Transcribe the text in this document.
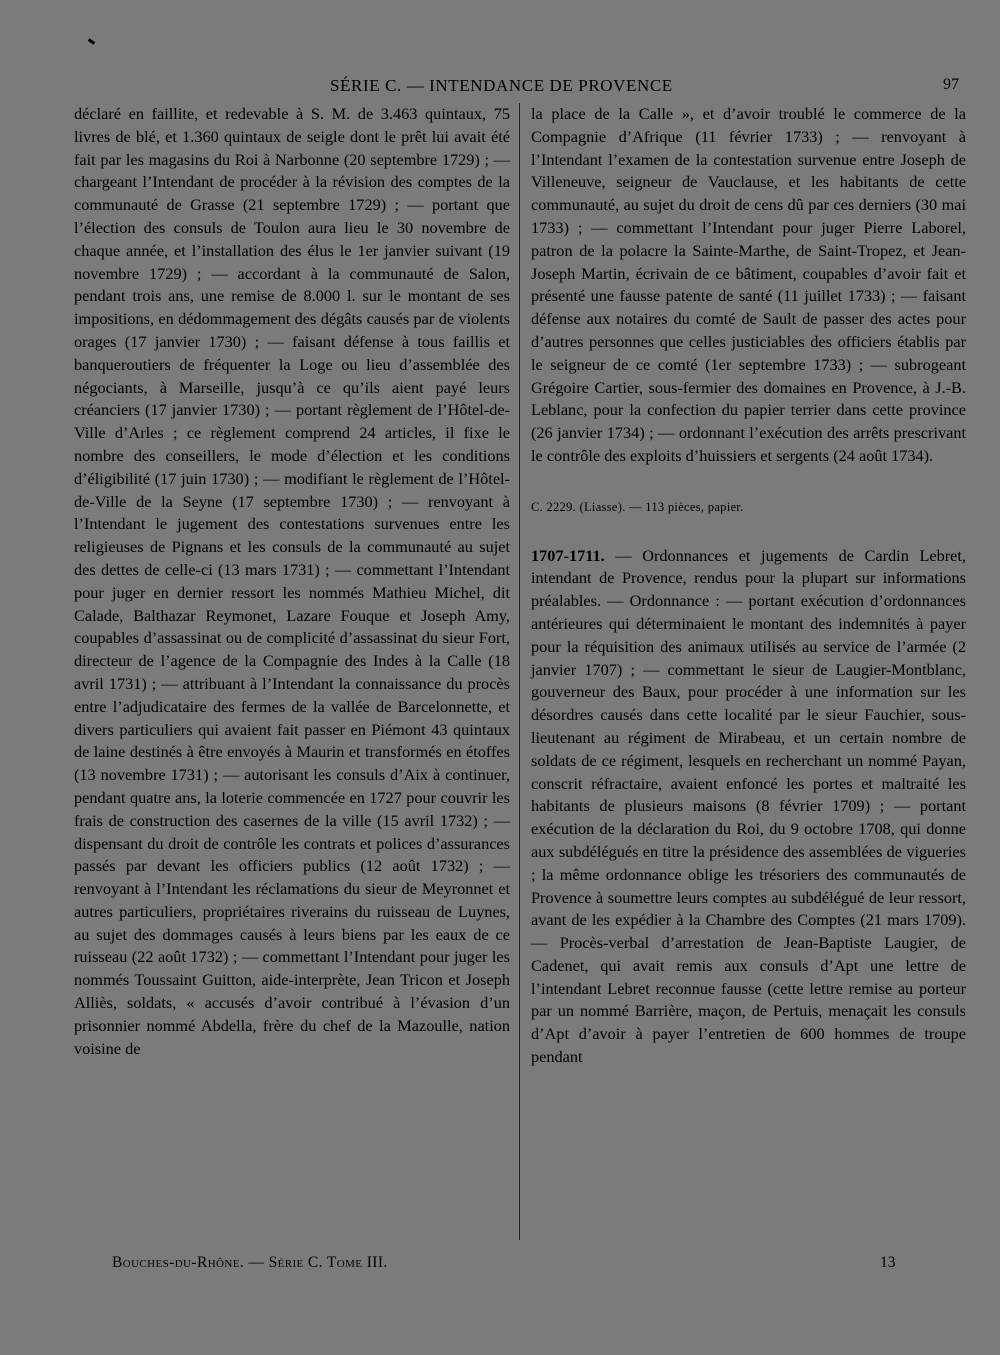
SÉRIE C. — INTENDANCE DE PROVENCE	97

déclaré en faillite, et redevable à S. M. de 3.463 quintaux, 75 livres de blé, et 1.360 quintaux de seigle dont le prêt lui avait été fait par les magasins du Roi à Narbonne (20 septembre 1729) ; — chargeant l’Intendant de procéder à la révision des comptes de la communauté de Grasse (21 septembre 1729) ; — portant que l’élection des consuls de Toulon aura lieu le 30 novembre de chaque année, et l’installation des élus le 1er janvier suivant (19 novembre 1729) ; — accordant à la communauté de Salon, pendant trois ans, une remise de 8.000 l. sur le montant de ses impositions, en dédommagement des dégâts causés par de violents orages (17 janvier 1730) ; — faisant défense à tous faillis et banqueroutiers de fréquenter la Loge ou lieu d’assemblée des négociants, à Marseille, jusqu’à ce qu’ils aient payé leurs créanciers (17 janvier 1730) ; — portant règlement de l’Hôtel-de-Ville d’Arles ; ce règlement comprend 24 articles, il fixe le nombre des conseillers, le mode d’élection et les conditions d’éligibilité (17 juin 1730) ; — modifiant le règlement de l’Hôtel-de-Ville de la Seyne (17 septembre 1730) ; — renvoyant à l’Intendant le jugement des contestations survenues entre les religieuses de Pignans et les consuls de la communauté au sujet des dettes de celle-ci (13 mars 1731) ; — commettant l’Intendant pour juger en dernier ressort les nommés Mathieu Michel, dit Calade, Balthazar Reymonet, Lazare Fouque et Joseph Amy, coupables d’assassinat ou de complicité d’assassinat du sieur Fort, directeur de l’agence de la Compagnie des Indes à la Calle (18 avril 1731) ; — attribuant à l’Intendant la connaissance du procès entre l’adjudicataire des fermes de la vallée de Barcelonnette, et divers particuliers qui avaient fait passer en Piémont 43 quintaux de laine destinés à être envoyés à Maurin et transformés en étoffes (13 novembre 1731) ; — autorisant les consuls d’Aix à continuer, pendant quatre ans, la loterie commencée en 1727 pour couvrir les frais de construction des casernes de la ville (15 avril 1732) ; — dispensant du droit de contrôle les contrats et polices d’assurances passés par devant les officiers publics (12 août 1732) ; — renvoyant à l’Intendant les réclamations du sieur de Meyronnet et autres particuliers, propriétaires riverains du ruisseau de Luynes, au sujet des dommages causés à leurs biens par les eaux de ce ruisseau (22 août 1732) ; — commettant l’Intendant pour juger les nommés Toussaint Guitton, aide-interprète, Jean Tricon et Joseph Alliès, soldats, « accusés d’avoir contribué à l’évasion d’un prisonnier nommé Abdella, frère du chef de la Mazoulle, nation voisine de

la place de la Calle », et d’avoir troublé le commerce de la Compagnie d’Afrique (11 février 1733) ; — renvoyant à l’Intendant l’examen de la contestation survenue entre Joseph de Villeneuve, seigneur de Vauclause, et les habitants de cette communauté, au sujet du droit de cens dû par ces derniers (30 mai 1733) ; — commettant l’Intendant pour juger Pierre Laborel, patron de la polacre la Sainte-Marthe, de Saint-Tropez, et Jean-Joseph Martin, écrivain de ce bâtiment, coupables d’avoir fait et présenté une fausse patente de santé (11 juillet 1733) ; — faisant défense aux notaires du comté de Sault de passer des actes pour d’autres personnes que celles justiciables des officiers établis par le seigneur de ce comté (1er septembre 1733) ; — subrogeant Grégoire Cartier, sous-fermier des domaines en Provence, à J.-B. Leblanc, pour la confection du papier terrier dans cette province (26 janvier 1734) ; — ordonnant l’exécution des arrêts prescrivant le contrôle des exploits d’huissiers et sergents (24 août 1734).

C. 2229. (Liasse). — 113 pièces, papier.

1707-1711. — Ordonnances et jugements de Cardin Lebret, intendant de Provence, rendus pour la plupart sur informations préalables. — Ordonnance : — portant exécution d’ordonnances antérieures qui déterminaient le montant des indemnités à payer pour la réquisition des animaux utilisés au service de l’armée (2 janvier 1707) ; — commettant le sieur de Laugier-Montblanc, gouverneur des Baux, pour procéder à une information sur les désordres causés dans cette localité par le sieur Fauchier, sous-lieutenant au régiment de Mirabeau, et un certain nombre de soldats de ce régiment, lesquels en recherchant un nommé Payan, conscrit réfractaire, avaient enfoncé les portes et maltraité les habitants de plusieurs maisons (8 février 1709) ; — portant exécution de la déclaration du Roi, du 9 octobre 1708, qui donne aux subdélégués en titre la présidence des assemblées de vigueries ; la même ordonnance oblige les trésoriers des communautés de Provence à soumettre leurs comptes au subdélégué de leur ressort, avant de les expédier à la Chambre des Comptes (21 mars 1709). — Procès-verbal d’arrestation de Jean-Baptiste Laugier, de Cadenet, qui avait remis aux consuls d’Apt une lettre de l’intendant Lebret reconnue fausse (cette lettre remise au porteur par un nommé Barrière, maçon, de Pertuis, menaçait les consuls d’Apt d’avoir à payer l’entretien de 600 hommes de troupe pendant

Bouches-du-Rhône. — Série C. Tome III.	13
